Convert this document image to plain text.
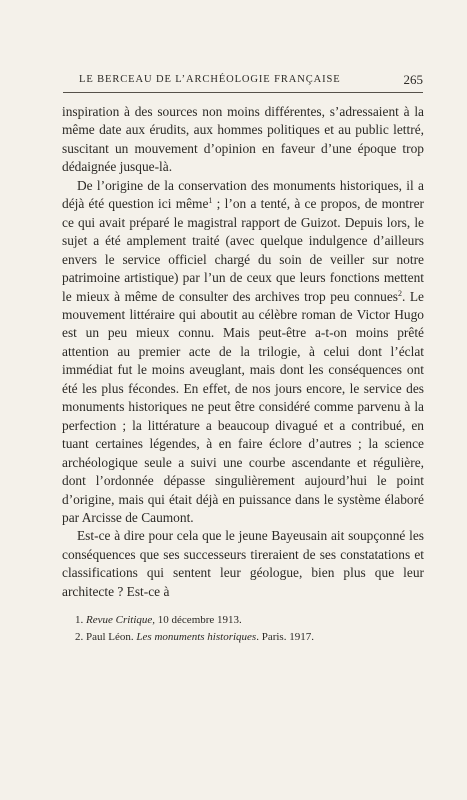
LE BERCEAU DE L’ARCHÉOLOGIE FRANÇAISE	265

inspiration à des sources non moins différentes, s’adressaient à la même date aux érudits, aux hommes politiques et au public lettré, suscitant un mouvement d’opinion en faveur d’une époque trop dédaignée jusque-là.

De l’origine de la conservation des monuments historiques, il a déjà été question ici même$^1$ ; l’on a tenté, à ce propos, de montrer ce qui avait préparé le magistral rapport de Guizot. Depuis lors, le sujet a été amplement traité (avec quelque indulgence d’ailleurs envers le service officiel chargé du soin de veiller sur notre patrimoine artistique) par l’un de ceux que leurs fonctions mettent le mieux à même de consulter des archives trop peu connues$^2$. Le mouvement littéraire qui aboutit au célèbre roman de Victor Hugo est un peu mieux connu. Mais peut-être a-t-on moins prêté attention au premier acte de la trilogie, à celui dont l’éclat immédiat fut le moins aveuglant, mais dont les conséquences ont été les plus fécondes. En effet, de nos jours encore, le service des monuments historiques ne peut être considéré comme parvenu à la perfection ; la littérature a beaucoup divagué et a contribué, en tuant certaines légendes, à en faire éclore d’autres ; la science archéologique seule a suivi une courbe ascendante et régulière, dont l’ordonnée dépasse singulièrement aujourd’hui le point d’origine, mais qui était déjà en puissance dans le système élaboré par Arcisse de Caumont.

Est-ce à dire pour cela que le jeune Bayeusain ait soupçonné les conséquences que ses successeurs tireraient de ses constatations et classifications qui sentent leur géologue, bien plus que leur architecte ? Est-ce à

1. Revue Critique, 10 décembre 1913.
2. Paul Léon. Les monuments historiques. Paris. 1917.
